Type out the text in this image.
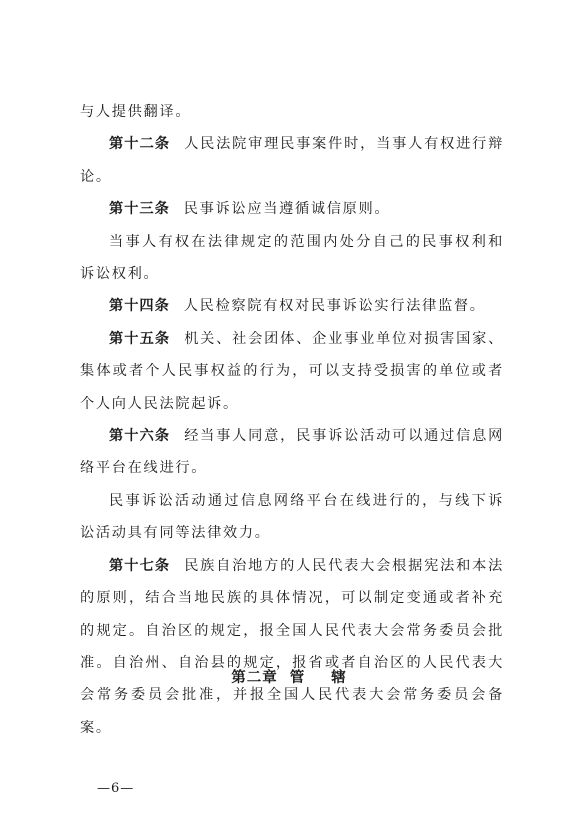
与人提供翻译。

第十二条 人民法院审理民事案件时，当事人有权进行辩论。

第十三条 民事诉讼应当遵循诚信原则。

当事人有权在法律规定的范围内处分自己的民事权利和诉讼权利。

第十四条 人民检察院有权对民事诉讼实行法律监督。

第十五条 机关、社会团体、企业事业单位对损害国家、集体或者个人民事权益的行为，可以支持受损害的单位或者个人向人民法院起诉。

第十六条 经当事人同意，民事诉讼活动可以通过信息网络平台在线进行。

民事诉讼活动通过信息网络平台在线进行的，与线下诉讼活动具有同等法律效力。

第十七条 民族自治地方的人民代表大会根据宪法和本法的原则，结合当地民族的具体情况，可以制定变通或者补充的规定。自治区的规定，报全国人民代表大会常务委员会批准。自治州、自治县的规定，报省或者自治区的人民代表大会常务委员会批准，并报全国人民代表大会常务委员会备案。

第二章 管 辖
—6—
